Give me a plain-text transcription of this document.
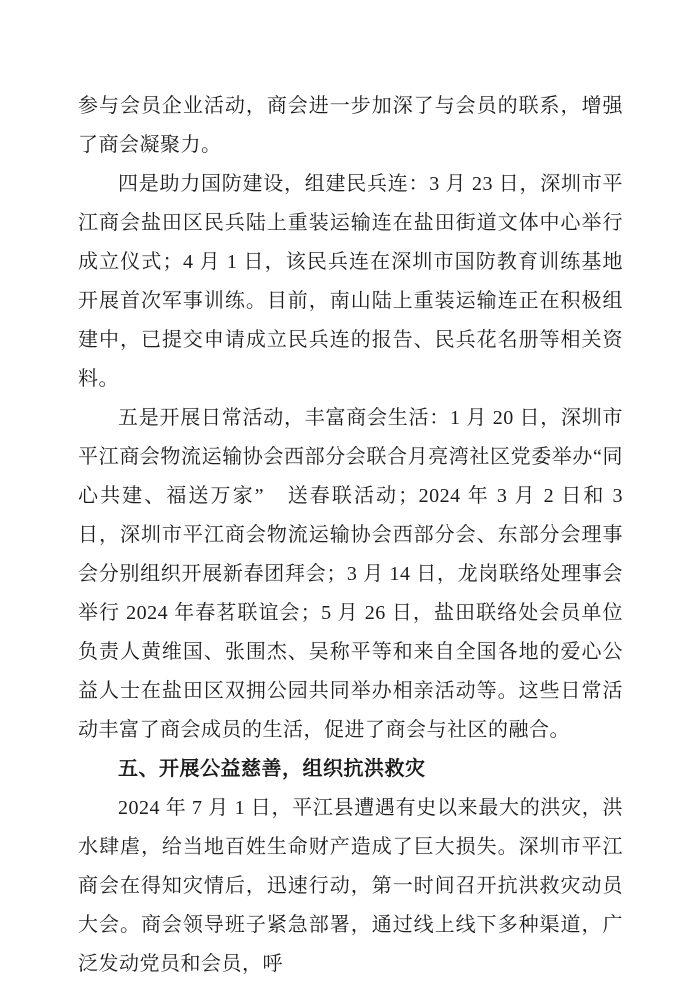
参与会员企业活动，商会进一步加深了与会员的联系，增强了商会凝聚力。

四是助力国防建设，组建民兵连：3 月 23 日，深圳市平江商会盐田区民兵陆上重装运输连在盐田街道文体中心举行成立仪式；4 月 1 日，该民兵连在深圳市国防教育训练基地开展首次军事训练。目前，南山陆上重装运输连正在积极组建中，已提交申请成立民兵连的报告、民兵花名册等相关资料。

五是开展日常活动，丰富商会生活：1 月 20 日，深圳市平江商会物流运输协会西部分会联合月亮湾社区党委举办“同心共建、福送万家”　送春联活动；2024 年 3 月 2 日和 3 日，深圳市平江商会物流运输协会西部分会、东部分会理事会分别组织开展新春团拜会；3 月 14 日，龙岗联络处理事会举行 2024 年春茗联谊会；5 月 26 日，盐田联络处会员单位负责人黄维国、张围杰、吴称平等和来自全国各地的爱心公益人士在盐田区双拥公园共同举办相亲活动等。这些日常活动丰富了商会成员的生活，促进了商会与社区的融合。

五、开展公益慈善，组织抗洪救灾

2024 年 7 月 1 日，平江县遭遇有史以来最大的洪灾，洪水肆虐，给当地百姓生命财产造成了巨大损失。深圳市平江商会在得知灾情后，迅速行动，第一时间召开抗洪救灾动员大会。商会领导班子紧急部署，通过线上线下多种渠道，广泛发动党员和会员，呼
